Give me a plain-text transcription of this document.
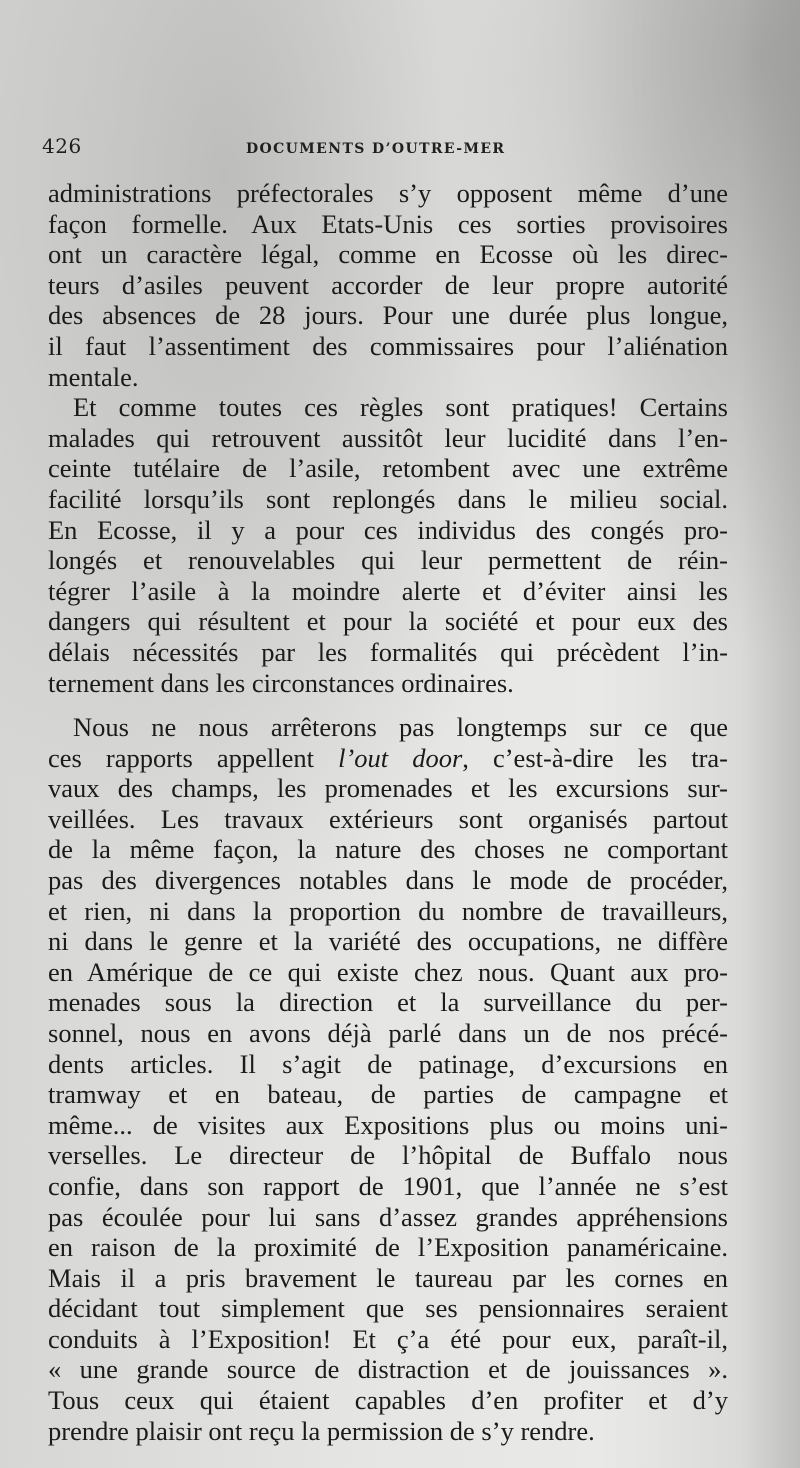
426	DOCUMENTS D’OUTRE-MER
administrations préfectorales s’y opposent même d’une
façon formelle. Aux Etats-Unis ces sorties provisoires
ont un caractère légal, comme en Ecosse où les direc-
teurs d’asiles peuvent accorder de leur propre autorité
des absences de 28 jours. Pour une durée plus longue,
il faut l’assentiment des commissaires pour l’aliénation
mentale.
Et comme toutes ces règles sont pratiques! Certains
malades qui retrouvent aussitôt leur lucidité dans l’en-
ceinte tutélaire de l’asile, retombent avec une extrême
facilité lorsqu’ils sont replongés dans le milieu social.
En Ecosse, il y a pour ces individus des congés pro-
longés et renouvelables qui leur permettent de réin-
tégrer l’asile à la moindre alerte et d’éviter ainsi les
dangers qui résultent et pour la société et pour eux des
délais nécessités par les formalités qui précèdent l’in-
ternement dans les circonstances ordinaires.
Nous ne nous arrêterons pas longtemps sur ce que
ces rapports appellent l’out door, c’est-à-dire les tra-
vaux des champs, les promenades et les excursions sur-
veillées. Les travaux extérieurs sont organisés partout
de la même façon, la nature des choses ne comportant
pas des divergences notables dans le mode de procéder,
et rien, ni dans la proportion du nombre de travailleurs,
ni dans le genre et la variété des occupations, ne diffère
en Amérique de ce qui existe chez nous. Quant aux pro-
menades sous la direction et la surveillance du per-
sonnel, nous en avons déjà parlé dans un de nos précé-
dents articles. Il s’agit de patinage, d’excursions en
tramway et en bateau, de parties de campagne et
même... de visites aux Expositions plus ou moins uni-
verselles. Le directeur de l’hôpital de Buffalo nous
confie, dans son rapport de 1901, que l’année ne s’est
pas écoulée pour lui sans d’assez grandes appréhensions
en raison de la proximité de l’Exposition panaméricaine.
Mais il a pris bravement le taureau par les cornes en
décidant tout simplement que ses pensionnaires seraient
conduits à l’Exposition! Et ç’a été pour eux, paraît-il,
« une grande source de distraction et de jouissances ».
Tous ceux qui étaient capables d’en profiter et d’y
prendre plaisir ont reçu la permission de s’y rendre.
